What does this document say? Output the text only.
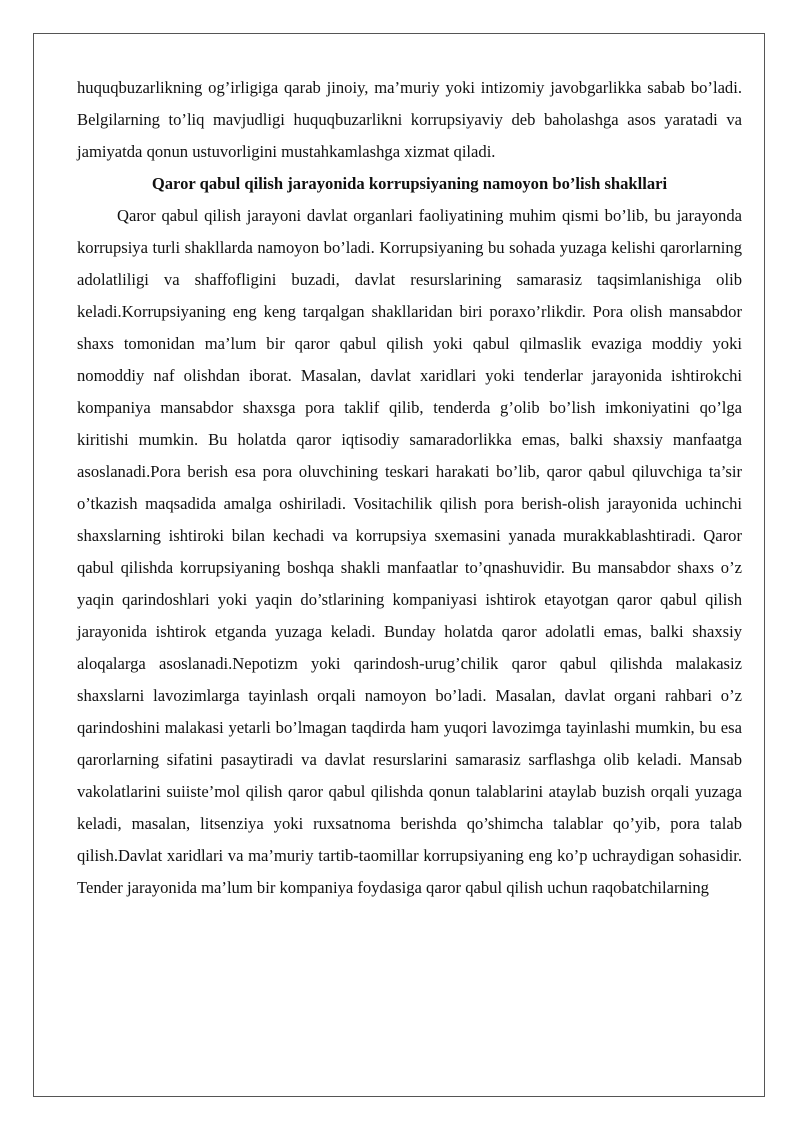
huquqbuzarlikning og’irligiga qarab jinoiy, ma’muriy yoki intizomiy javobgarlikka sabab bo’ladi. Belgilarning to’liq mavjudligi huquqbuzarlikni korrupsiyaviy deb baholashga asos yaratadi va jamiyatda qonun ustuvorligini mustahkamlashga xizmat qiladi.

Qaror qabul qilish jarayonida korrupsiyaning namoyon bo’lish shakllari

Qaror qabul qilish jarayoni davlat organlari faoliyatining muhim qismi bo’lib, bu jarayonda korrupsiya turli shakllarda namoyon bo’ladi. Korrupsiyaning bu sohada yuzaga kelishi qarorlarning adolatliligi va shaffofligini buzadi, davlat resurslarining samarasiz taqsimlanishiga olib keladi.Korrupsiyaning eng keng tarqalgan shakllaridan biri poraxo’rlikdir. Pora olish mansabdor shaxs tomonidan ma’lum bir qaror qabul qilish yoki qabul qilmaslik evaziga moddiy yoki nomoddiy naf olishdan iborat. Masalan, davlat xaridlari yoki tenderlar jarayonida ishtirokchi kompaniya mansabdor shaxsga pora taklif qilib, tenderda g’olib bo’lish imkoniyatini qo’lga kiritishi mumkin. Bu holatda qaror iqtisodiy samaradorlikka emas, balki shaxsiy manfaatga asoslanadi.Pora berish esa pora oluvchining teskari harakati bo’lib, qaror qabul qiluvchiga ta’sir o’tkazish maqsadida amalga oshiriladi. Vositachilik qilish pora berish-olish jarayonida uchinchi shaxslarning ishtiroki bilan kechadi va korrupsiya sxemasini yanada murakkablashtiradi. Qaror qabul qilishda korrupsiyaning boshqa shakli manfaatlar to’qnashuvidir. Bu mansabdor shaxs o’z yaqin qarindoshlari yoki yaqin do’stlarining kompaniyasi ishtirok etayotgan qaror qabul qilish jarayonida ishtirok etganda yuzaga keladi. Bunday holatda qaror adolatli emas, balki shaxsiy aloqalarga asoslanadi.Nepotizm yoki qarindosh-urug’chilik qaror qabul qilishda malakasiz shaxslarni lavozimlarga tayinlash orqali namoyon bo’ladi. Masalan, davlat organi rahbari o’z qarindoshini malakasi yetarli bo’lmagan taqdirda ham yuqori lavozimga tayinlashi mumkin, bu esa qarorlarning sifatini pasaytiradi va davlat resurslarini samarasiz sarflashga olib keladi. Mansab vakolatlarini suiiste’mol qilish qaror qabul qilishda qonun talablarini ataylab buzish orqali yuzaga keladi, masalan, litsenziya yoki ruxsatnoma berishda qo’shimcha talablar qo’yib, pora talab qilish.Davlat xaridlari va ma’muriy tartib-taomillar korrupsiyaning eng ko’p uchraydigan sohasidir. Tender jarayonida ma’lum bir kompaniya foydasiga qaror qabul qilish uchun raqobatchilarning
